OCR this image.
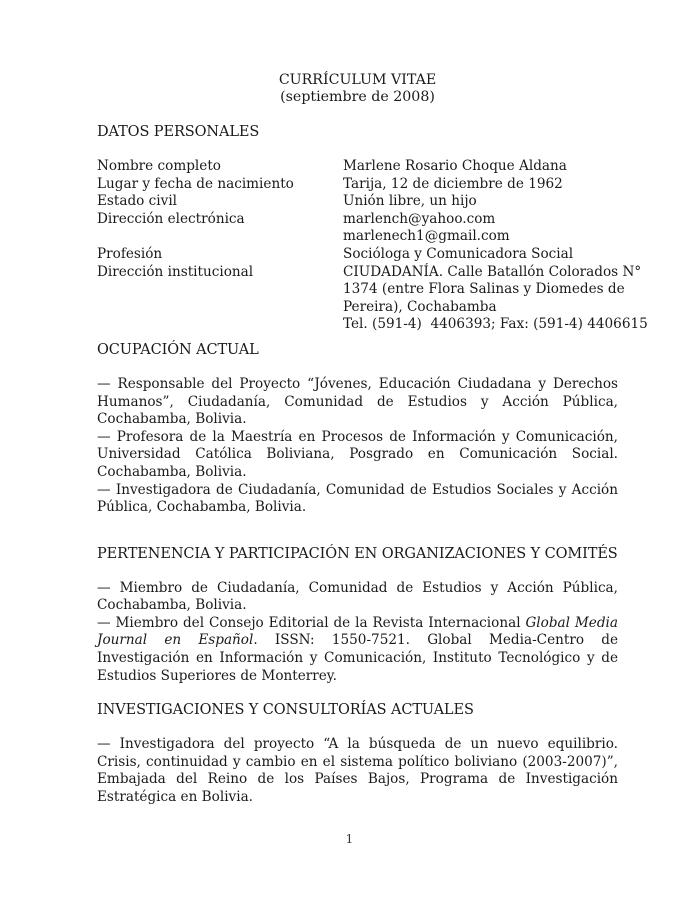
CURRÍCULUM VITAE

(septiembre de 2008)

DATOS PERSONALES
Nombre completo	Marlene Rosario Choque Aldana
Lugar y fecha de nacimiento	Tarija, 12 de diciembre de 1962
Estado civil	Unión libre, un hijo
Dirección electrónica	marlench@yahoo.com
marlenech1@gmail.com
Profesión	Socióloga y Comunicadora Social
Dirección institucional	CIUDADANÍA. Calle Batallón Colorados N° 1374 (entre Flora Salinas y Diomedes de Pereira), Cochabamba
Tel. (591-4)  4406393; Fax: (591-4) 4406615
OCUPACIÓN ACTUAL

— Responsable del Proyecto “Jóvenes, Educación Ciudadana y Derechos Humanos”, Ciudadanía, Comunidad de Estudios y Acción Pública, Cochabamba, Bolivia.

— Profesora de la Maestría en Procesos de Información y Comunicación, Universidad Católica Boliviana, Posgrado en Comunicación Social. Cochabamba, Bolivia.

— Investigadora de Ciudadanía, Comunidad de Estudios Sociales y Acción Pública, Cochabamba, Bolivia.

PERTENENCIA Y PARTICIPACIÓN EN ORGANIZACIONES Y COMITÉS

— Miembro de Ciudadanía, Comunidad de Estudios y Acción Pública, Cochabamba, Bolivia.

— Miembro del Consejo Editorial de la Revista Internacional Global Media Journal en Español. ISSN: 1550-7521. Global Media-Centro de Investigación en Información y Comunicación, Instituto Tecnológico y de Estudios Superiores de Monterrey.

INVESTIGACIONES Y CONSULTORÍAS ACTUALES

— Investigadora del proyecto “A la búsqueda de un nuevo equilibrio. Crisis, continuidad y cambio en el sistema político boliviano (2003-2007)”, Embajada del Reino de los Países Bajos, Programa de Investigación Estratégica en Bolivia.

1
